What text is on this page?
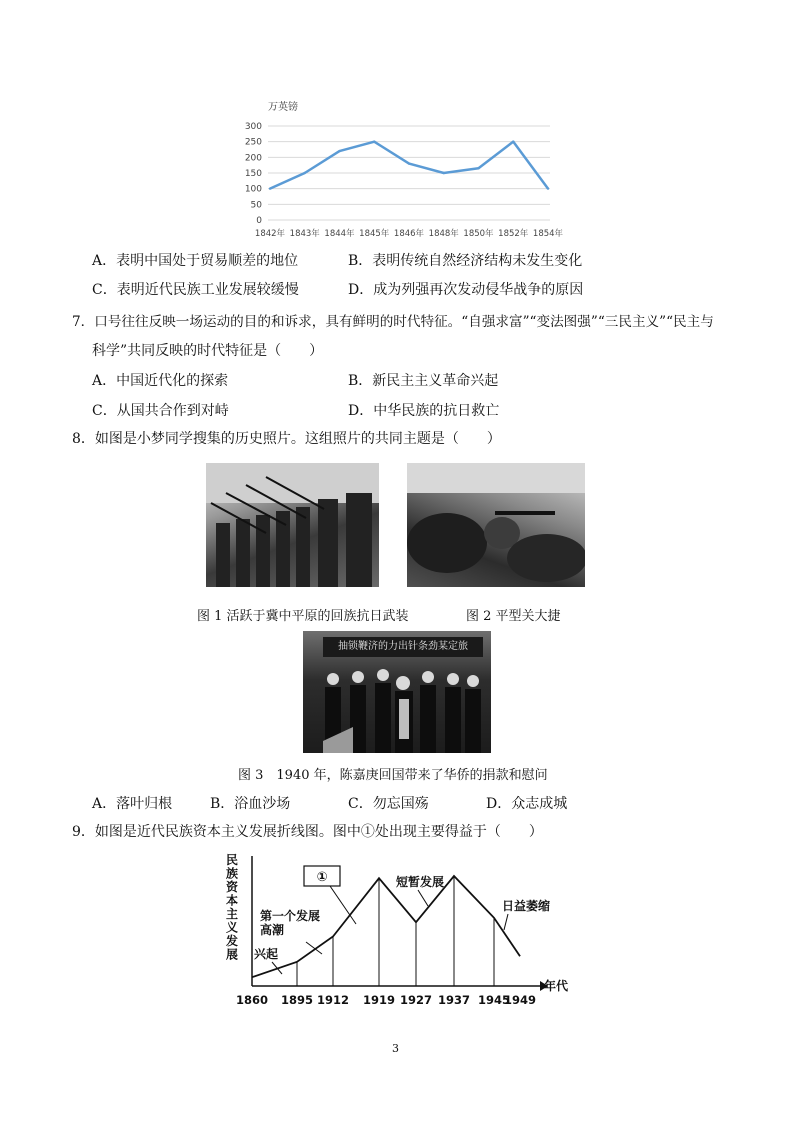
万英镑
0
50
100
150
200
250
300
1842年 1843年 1844年 1845年 1846年 1848年 1850年 1852年 1854年
A．表明中国处于贸易顺差的地位	B．表明传统自然经济结构未发生变化
C．表明近代民族工业发展较缓慢	D．成为列强再次发动侵华战争的原因
7．口号往往反映一场运动的目的和诉求，具有鲜明的时代特征。“自强求富”“变法图强”“三民主义”“民主与
科学”共同反映的时代特征是（　　）
A．中国近代化的探索	B．新民主主义革命兴起
C．从国共合作到对峙	D．中华民族的抗日救亡
8．如图是小梦同学搜集的历史照片。这组照片的共同主题是（　　）
图 1 活跃于冀中平原的回族抗日武装	图 2 平型关大捷
抽锁鞭济的力出针条劲某定旅
图 3　1940 年，陈嘉庚回国带来了华侨的捐款和慰问
A．落叶归根	B．浴血沙场	C．勿忘国殇	D．众志成城
9．如图是近代民族资本主义发展折线图。图中①处出现主要得益于（　　）
民
族
资
本
主
义
发
展
年代
1860 1895 1912 1919 1927 1937 1945
1949
兴起
第一个发展
高潮
①	短暂发展
日益萎缩
3
